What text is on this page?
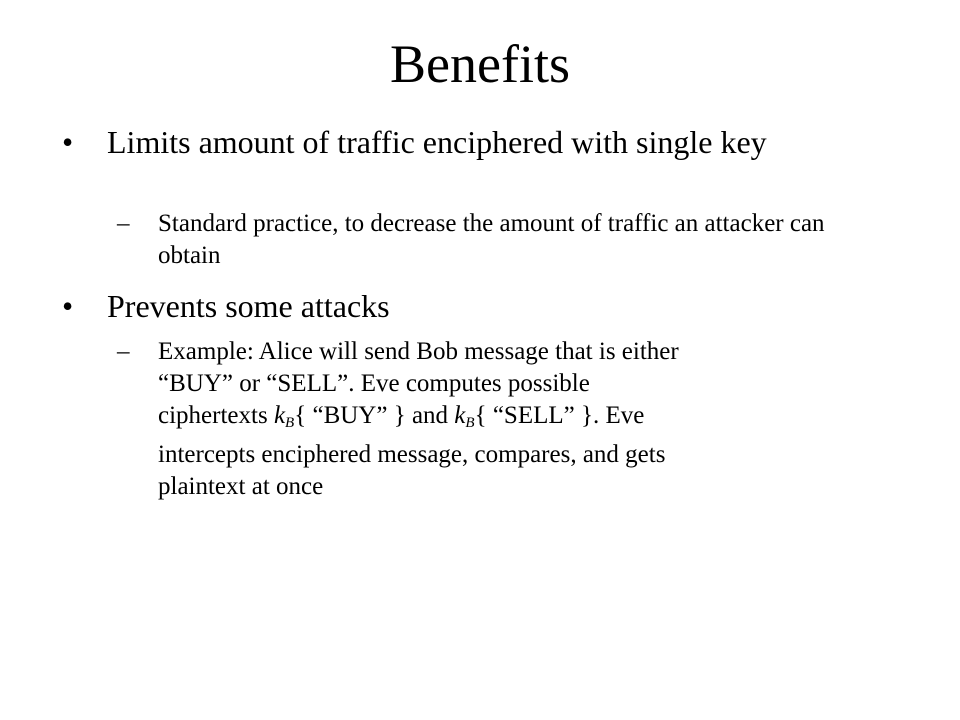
Benefits
• Limits amount of traffic enciphered with single key
– Standard practice, to decrease the amount of traffic an attacker can obtain
• Prevents some attacks
– Example: Alice will send Bob message that is either
“BUY” or “SELL”. Eve computes possible
ciphertexts $k_B${ “BUY” } and $k_B${ “SELL” }. Eve
intercepts enciphered message, compares, and gets
plaintext at once
